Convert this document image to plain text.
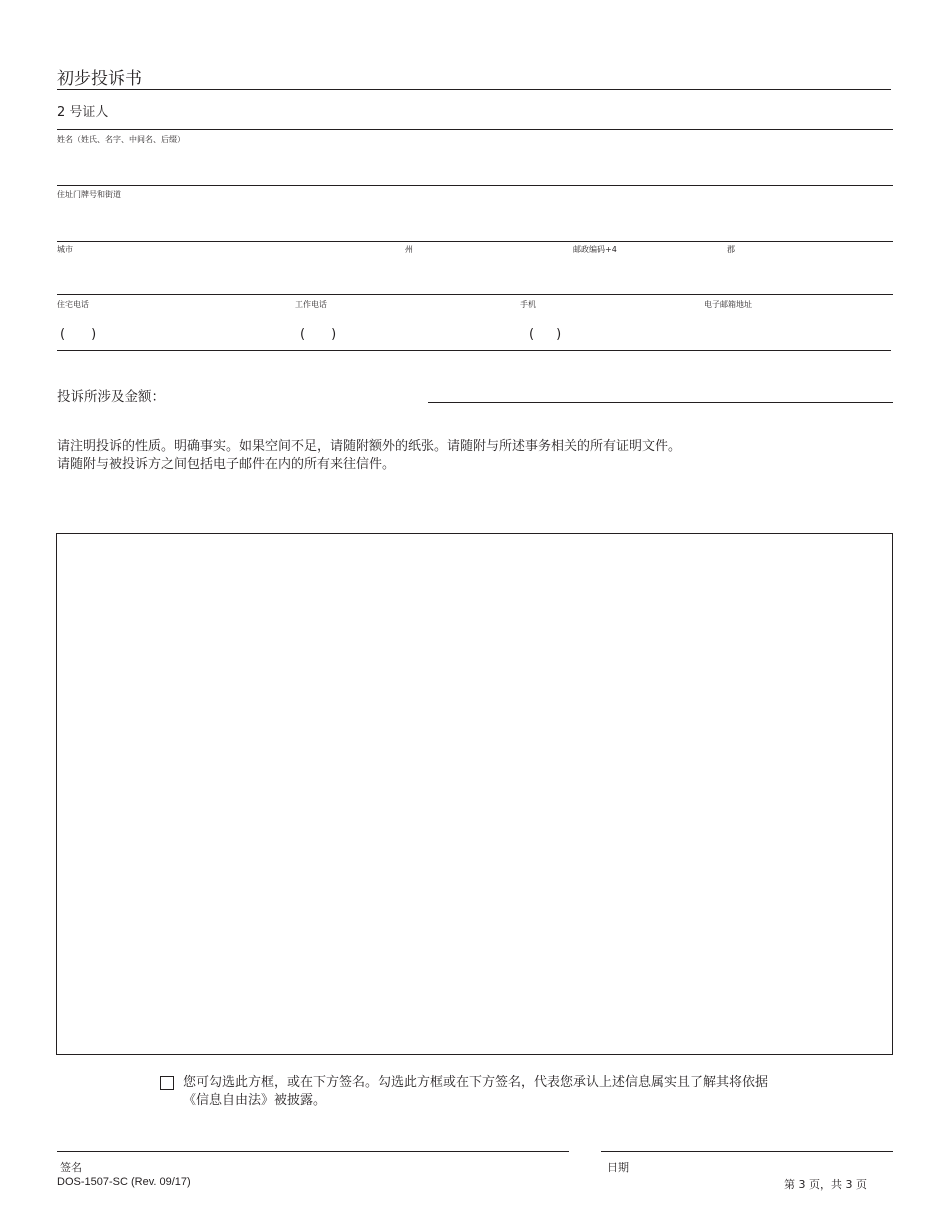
初步投诉书
2 号证人
姓名（姓氏、名字、中间名、后缀）
住址门牌号和街道
城市	州	邮政编码+4	郡
住宅电话	工作电话	手机	电子邮箱地址
( )	( )	( )
投诉所涉及金额：
请注明投诉的性质。明确事实。如果空间不足，请随附额外的纸张。请随附与所述事务相关的所有证明文件。
请随附与被投诉方之间包括电子邮件在内的所有来往信件。
您可勾选此方框，或在下方签名。勾选此方框或在下方签名，代表您承认上述信息属实且了解其将依据
《信息自由法》被披露。
签名	日期
DOS-1507-SC (Rev. 09/17)	第 3 页，共 3 页
